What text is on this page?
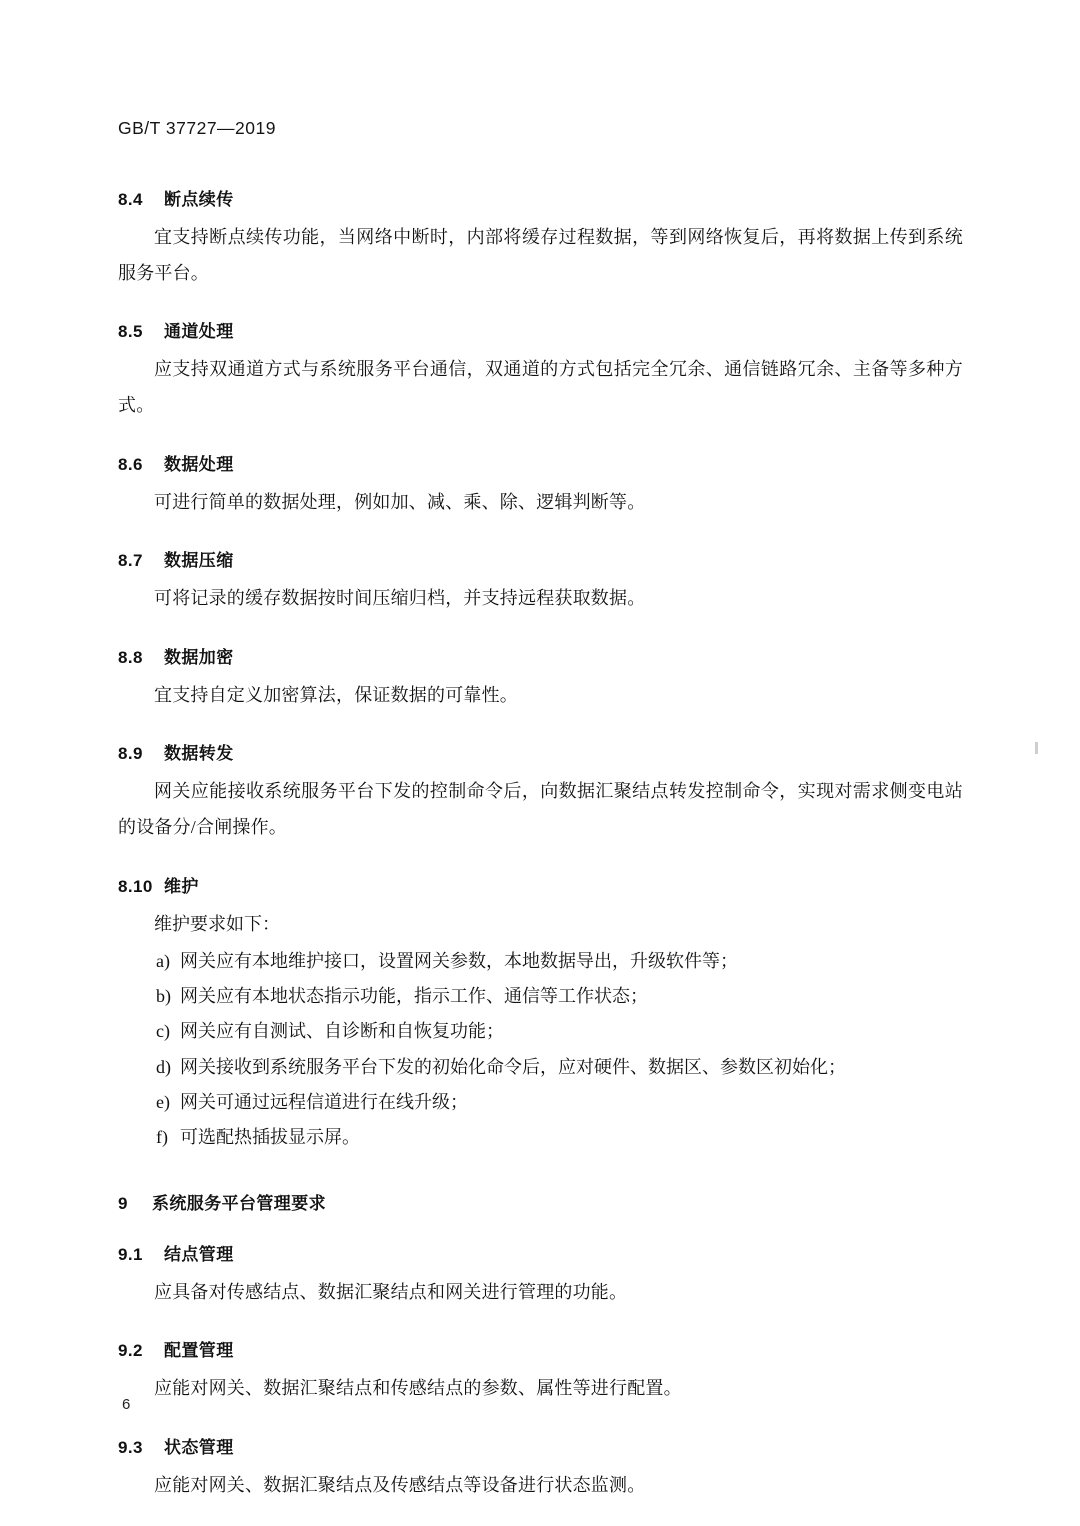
GB/T 37727—2019
8.4 断点续传

宜支持断点续传功能，当网络中断时，内部将缓存过程数据，等到网络恢复后，再将数据上传到系统服务平台。

8.5 通道处理

应支持双通道方式与系统服务平台通信，双通道的方式包括完全冗余、通信链路冗余、主备等多种方式。

8.6 数据处理

可进行简单的数据处理，例如加、减、乘、除、逻辑判断等。

8.7 数据压缩

可将记录的缓存数据按时间压缩归档，并支持远程获取数据。

8.8 数据加密

宜支持自定义加密算法，保证数据的可靠性。

8.9 数据转发

网关应能接收系统服务平台下发的控制命令后，向数据汇聚结点转发控制命令，实现对需求侧变电站的设备分/合闸操作。

8.10 维护
维护要求如下：
a) 网关应有本地维护接口，设置网关参数，本地数据导出，升级软件等；
b) 网关应有本地状态指示功能，指示工作、通信等工作状态；
c) 网关应有自测试、自诊断和自恢复功能；
d) 网关接收到系统服务平台下发的初始化命令后，应对硬件、数据区、参数区初始化；
e) 网关可通过远程信道进行在线升级；
f) 可选配热插拔显示屏。
9 系统服务平台管理要求
9.1 结点管理

应具备对传感结点、数据汇聚结点和网关进行管理的功能。

9.2 配置管理

应能对网关、数据汇聚结点和传感结点的参数、属性等进行配置。

9.3 状态管理

应能对网关、数据汇聚结点及传感结点等设备进行状态监测。

6
